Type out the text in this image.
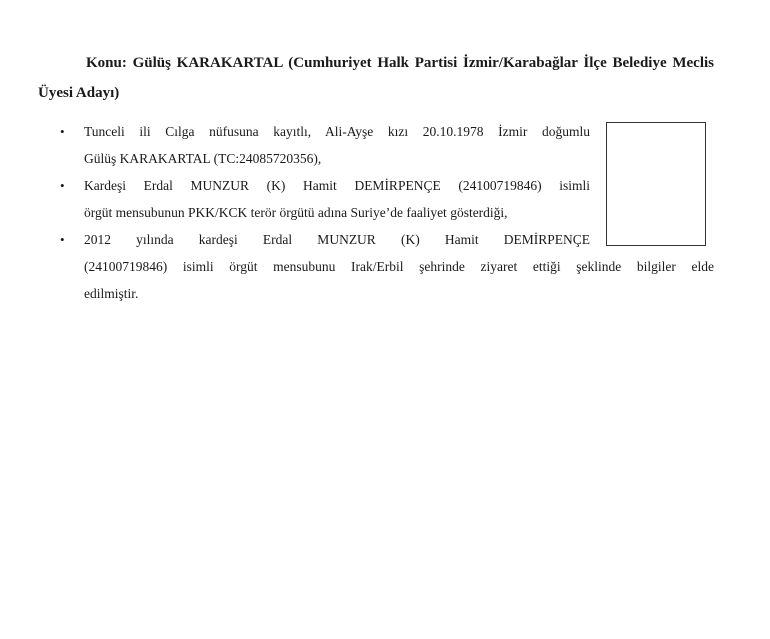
Konu: Gülüş KARAKARTAL (Cumhuriyet Halk Partisi İzmir/Karabağlar İlçe Belediye Meclis Üyesi Adayı)
• Tunceli ili Cılga nüfusuna kayıtlı, Ali-Ayşe kızı 20.10.1978 İzmir doğumlu
Gülüş KARAKARTAL (TC:24085720356),
• Kardeşi Erdal MUNZUR (K) Hamit DEMİRPENÇE (24100719846) isimli
örgüt mensubunun PKK/KCK terör örgütü adına Suriye’de faaliyet gösterdiği,
• 2012 yılında kardeşi Erdal MUNZUR (K) Hamit DEMİRPENÇE
(24100719846) isimli örgüt mensubunu Irak/Erbil şehrinde ziyaret ettiği şeklinde bilgiler elde
edilmiştir.
